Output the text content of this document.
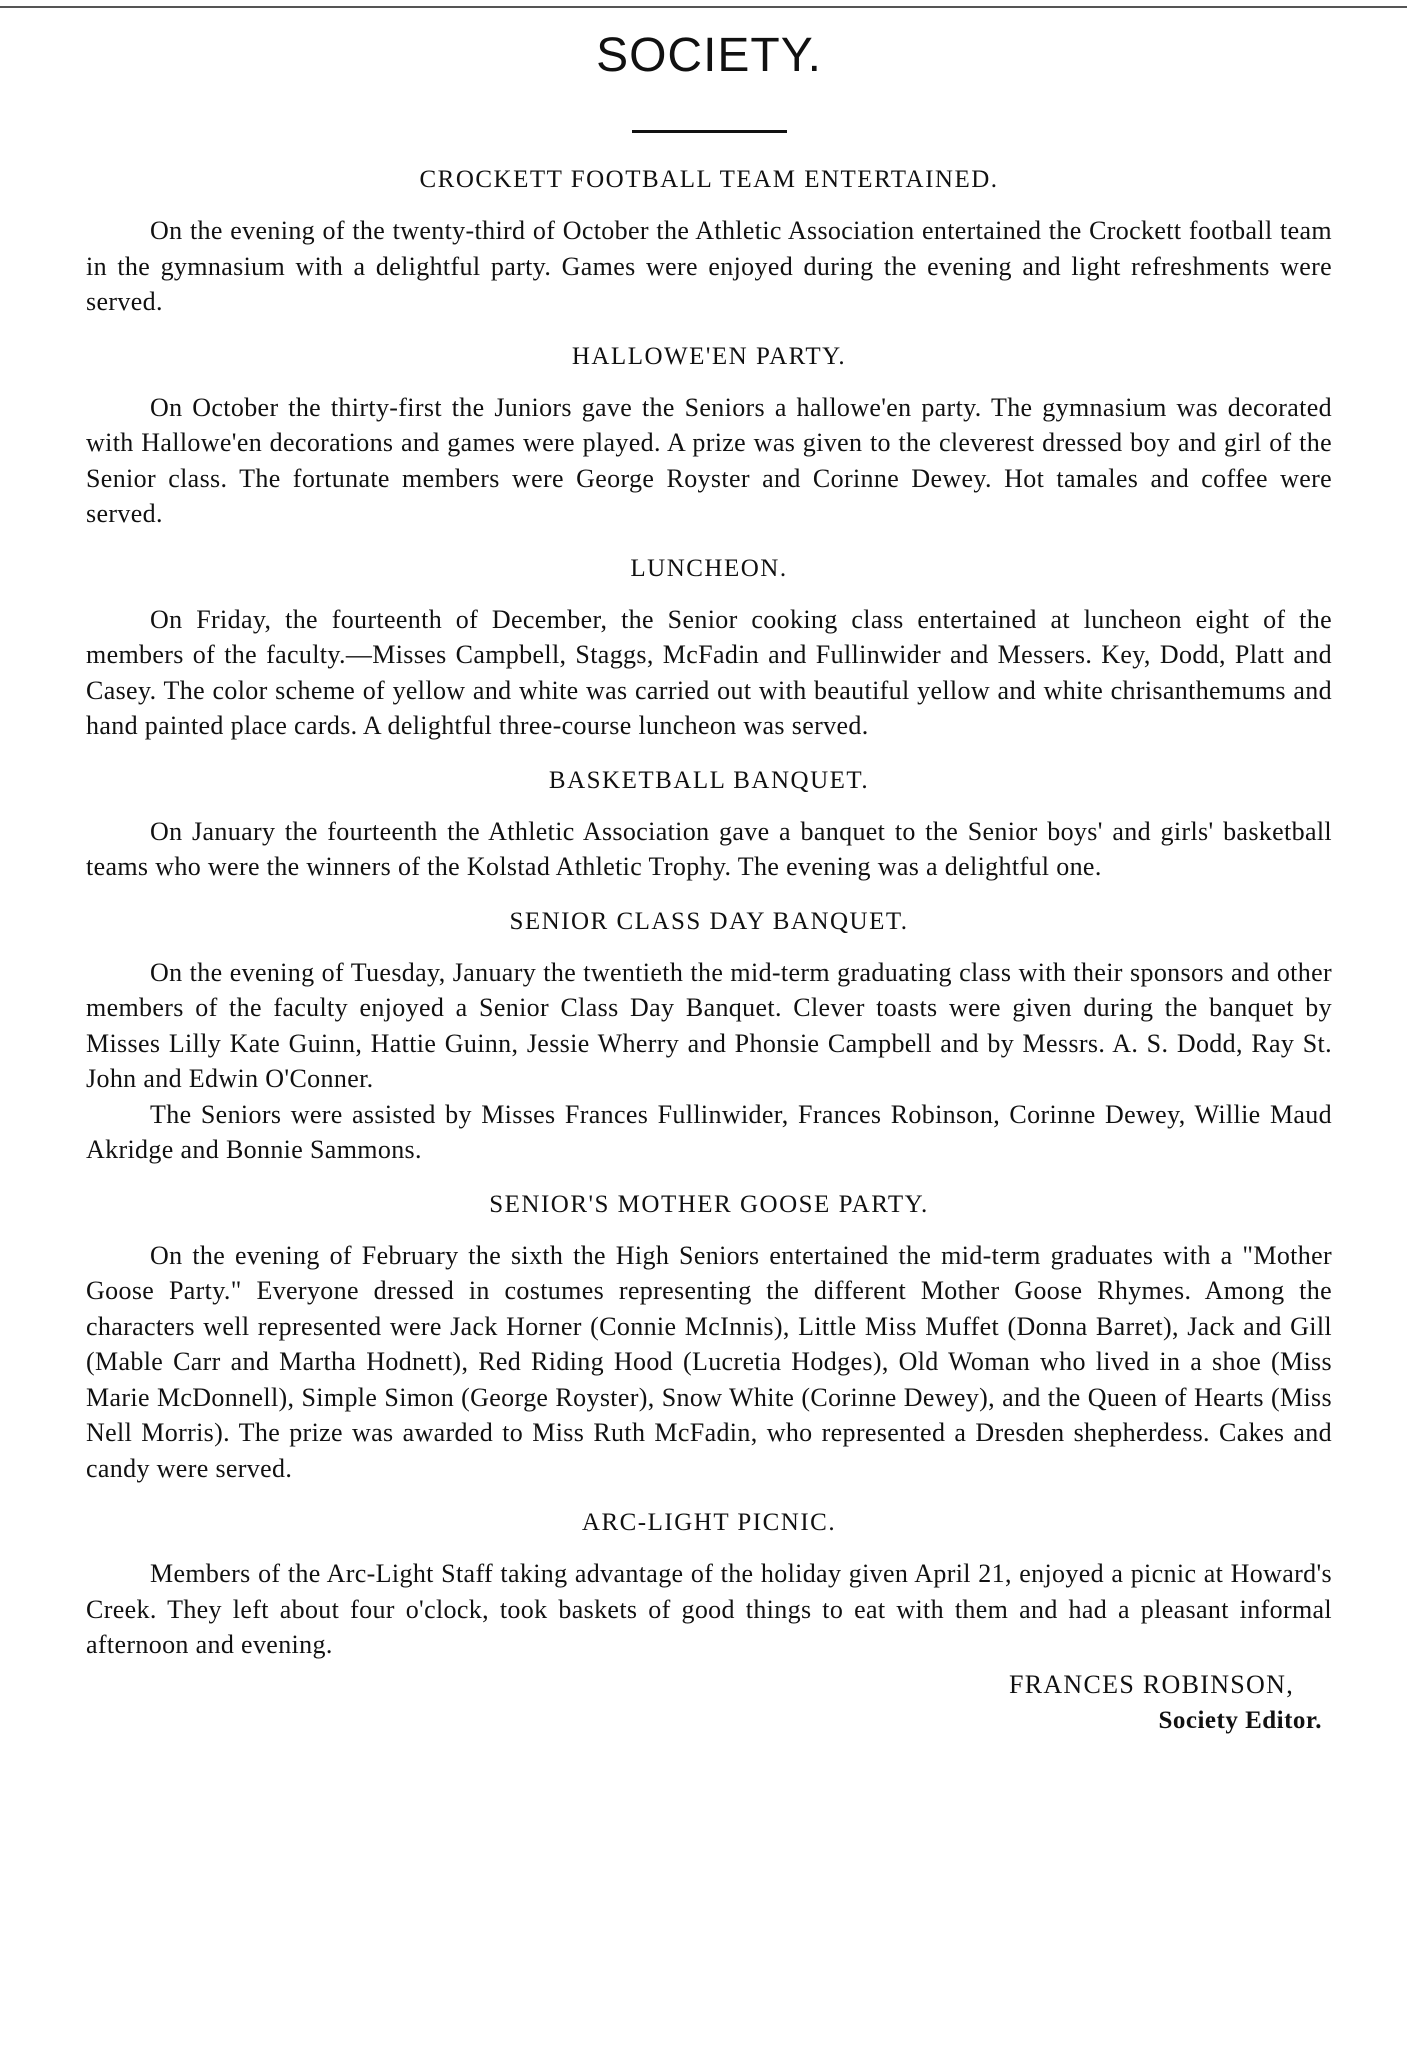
SOCIETY.
CROCKETT FOOTBALL TEAM ENTERTAINED.

On the evening of the twenty-third of October the Athletic Association entertained the Crockett football team in the gymnasium with a delightful party. Games were enjoyed during the evening and light refreshments were served.

HALLOWE'EN PARTY.

On October the thirty-first the Juniors gave the Seniors a hallowe'en party. The gymnasium was decorated with Hallowe'en decorations and games were played. A prize was given to the cleverest dressed boy and girl of the Senior class. The fortunate members were George Royster and Corinne Dewey. Hot tamales and coffee were served.

LUNCHEON.

On Friday, the fourteenth of December, the Senior cooking class entertained at luncheon eight of the members of the faculty.—Misses Campbell, Staggs, McFadin and Fullinwider and Messers. Key, Dodd, Platt and Casey. The color scheme of yellow and white was carried out with beautiful yellow and white chrisanthemums and hand painted place cards. A delightful three-course luncheon was served.

BASKETBALL BANQUET.

On January the fourteenth the Athletic Association gave a banquet to the Senior boys' and girls' basketball teams who were the winners of the Kolstad Athletic Trophy. The evening was a delightful one.

SENIOR CLASS DAY BANQUET.

On the evening of Tuesday, January the twentieth the mid-term graduating class with their sponsors and other members of the faculty enjoyed a Senior Class Day Banquet. Clever toasts were given during the banquet by Misses Lilly Kate Guinn, Hattie Guinn, Jessie Wherry and Phonsie Campbell and by Messrs. A. S. Dodd, Ray St. John and Edwin O'Conner.

The Seniors were assisted by Misses Frances Fullinwider, Frances Robinson, Corinne Dewey, Willie Maud Akridge and Bonnie Sammons.

SENIOR'S MOTHER GOOSE PARTY.

On the evening of February the sixth the High Seniors entertained the mid-term graduates with a "Mother Goose Party." Everyone dressed in costumes representing the different Mother Goose Rhymes. Among the characters well represented were Jack Horner (Connie McInnis), Little Miss Muffet (Donna Barret), Jack and Gill (Mable Carr and Martha Hodnett), Red Riding Hood (Lucretia Hodges), Old Woman who lived in a shoe (Miss Marie McDonnell), Simple Simon (George Royster), Snow White (Corinne Dewey), and the Queen of Hearts (Miss Nell Morris). The prize was awarded to Miss Ruth McFadin, who represented a Dresden shepherdess. Cakes and candy were served.

ARC-LIGHT PICNIC.

Members of the Arc-Light Staff taking advantage of the holiday given April 21, enjoyed a picnic at Howard's Creek. They left about four o'clock, took baskets of good things to eat with them and had a pleasant informal afternoon and evening.

FRANCES ROBINSON,
Society Editor.
